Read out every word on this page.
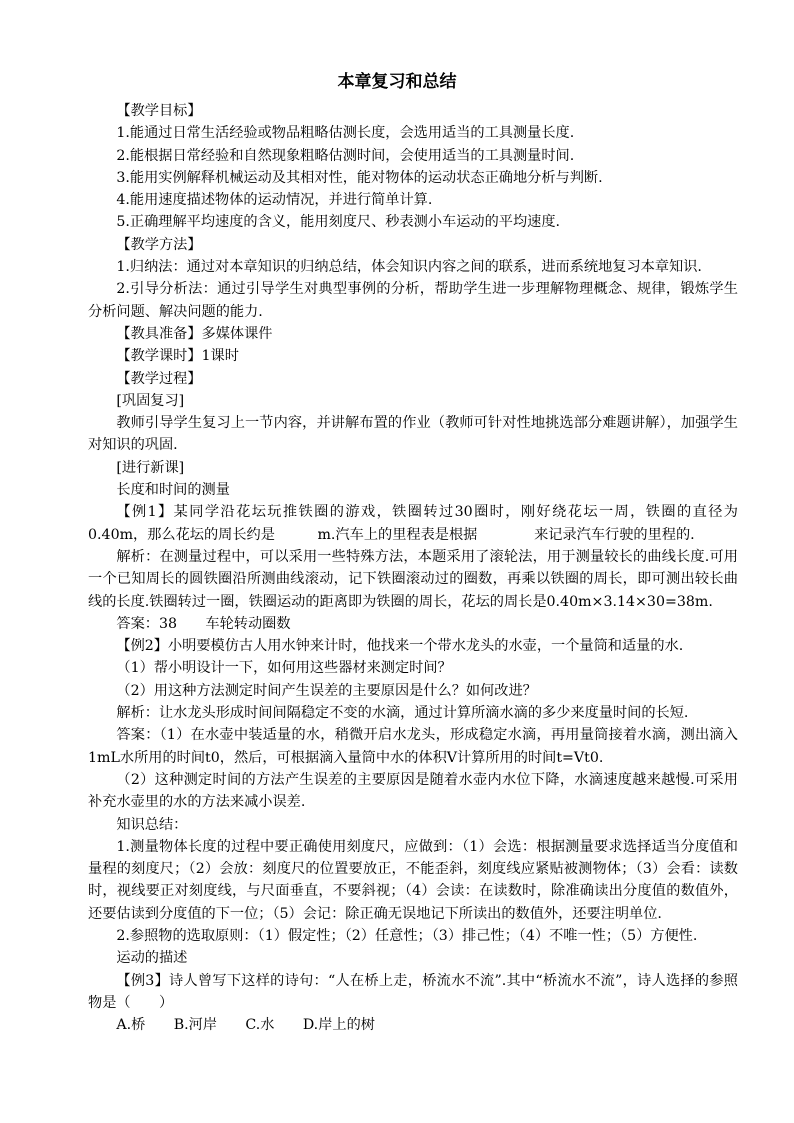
本章复习和总结

【教学目标】

1.能通过日常生活经验或物品粗略估测长度，会选用适当的工具测量长度.

2.能根据日常经验和自然现象粗略估测时间，会使用适当的工具测量时间.

3.能用实例解释机械运动及其相对性，能对物体的运动状态正确地分析与判断.

4.能用速度描述物体的运动情况，并进行简单计算.

5.正确理解平均速度的含义，能用刻度尺、秒表测小车运动的平均速度.

【教学方法】

1.归纳法：通过对本章知识的归纳总结，体会知识内容之间的联系，进而系统地复习本章知识.

2.引导分析法：通过引导学生对典型事例的分析，帮助学生进一步理解物理概念、规律，锻炼学生分析问题、解决问题的能力.

【教具准备】多媒体课件

【教学课时】1课时

【教学过程】

[巩固复习]

教师引导学生复习上一节内容，并讲解布置的作业（教师可针对性地挑选部分难题讲解），加强学生对知识的巩固.

[进行新课]

长度和时间的测量

【例1】某同学沿花坛玩推铁圈的游戏，铁圈转过30圈时，刚好绕花坛一周，铁圈的直径为0.40m，那么花坛的周长约是　　　m.汽车上的里程表是根据　　　　来记录汽车行驶的里程的.

解析：在测量过程中，可以采用一些特殊方法，本题采用了滚轮法，用于测量较长的曲线长度.可用一个已知周长的圆铁圈沿所测曲线滚动，记下铁圈滚动过的圈数，再乘以铁圈的周长，即可测出较长曲线的长度.铁圈转过一圈，铁圈运动的距离即为铁圈的周长，花坛的周长是0.40m×3.14×30=38m.

答案：38　　车轮转动圈数

【例2】小明要模仿古人用水钟来计时，他找来一个带水龙头的水壶，一个量筒和适量的水.

（1）帮小明设计一下，如何用这些器材来测定时间？

（2）用这种方法测定时间产生误差的主要原因是什么？如何改进？

解析：让水龙头形成时间间隔稳定不变的水滴，通过计算所滴水滴的多少来度量时间的长短.

答案：（1）在水壶中装适量的水，稍微开启水龙头，形成稳定水滴，再用量筒接着水滴，测出滴入1mL水所用的时间t0，然后，可根据滴入量筒中水的体积V计算所用的时间t=Vt0.

（2）这种测定时间的方法产生误差的主要原因是随着水壶内水位下降，水滴速度越来越慢.可采用补充水壶里的水的方法来减小误差.

知识总结：

1.测量物体长度的过程中要正确使用刻度尺，应做到：（1）会选：根据测量要求选择适当分度值和量程的刻度尺；（2）会放：刻度尺的位置要放正，不能歪斜，刻度线应紧贴被测物体；（3）会看：读数时，视线要正对刻度线，与尺面垂直，不要斜视；（4）会读：在读数时，除准确读出分度值的数值外，还要估读到分度值的下一位；（5）会记：除正确无误地记下所读出的数值外，还要注明单位.

2.参照物的选取原则：（1）假定性；（2）任意性；（3）排己性；（4）不唯一性；（5）方便性.

运动的描述

【例3】诗人曾写下这样的诗句：“人在桥上走，桥流水不流”.其中“桥流水不流”，诗人选择的参照物是（　　）

A.桥　　B.河岸　　C.水　　D.岸上的树
